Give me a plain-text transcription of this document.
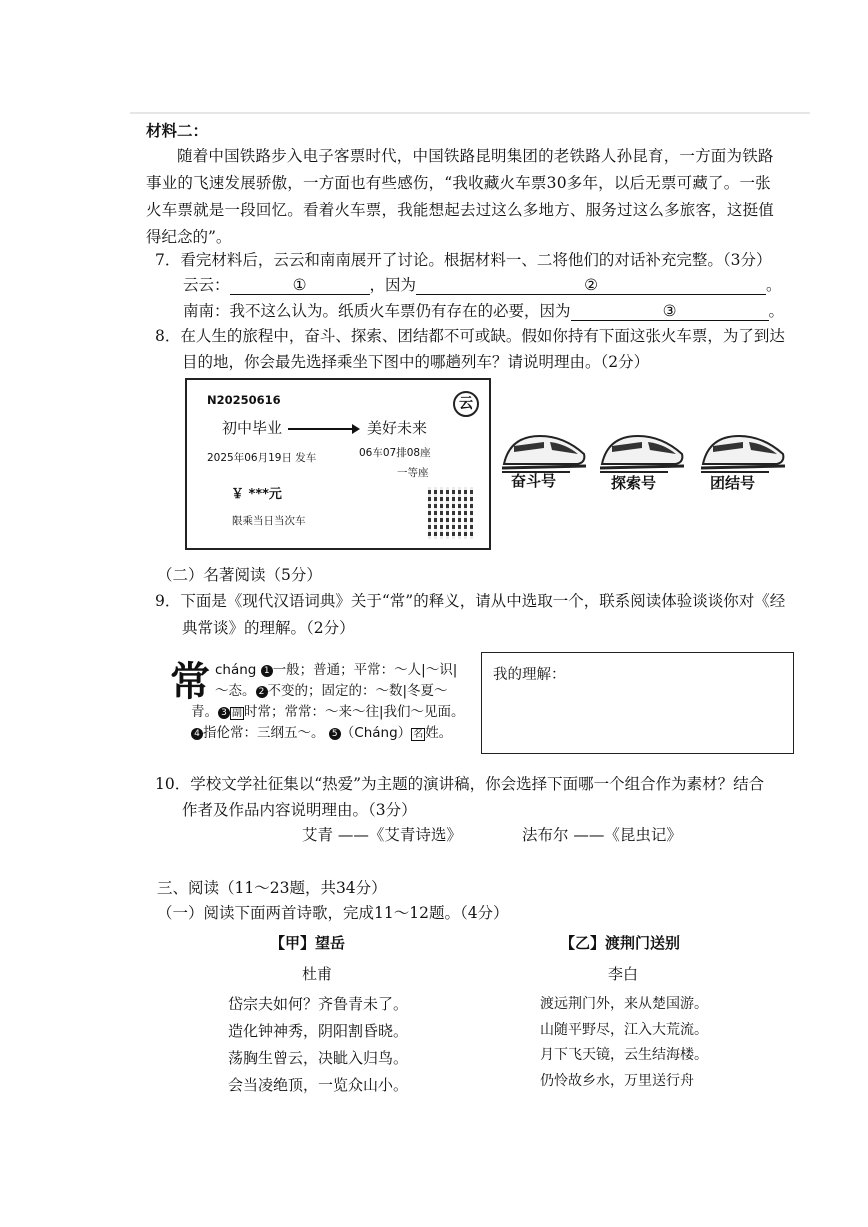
材料二：
随着中国铁路步入电子客票时代，中国铁路昆明集团的老铁路人孙昆育，一方面为铁路
事业的飞速发展骄傲，一方面也有些感伤，“我收藏火车票30多年，以后无票可藏了。一张
火车票就是一段回忆。看着火车票，我能想起去过这么多地方、服务过这么多旅客，这挺值
得纪念的”。
7．看完材料后，云云和南南展开了讨论。根据材料一、二将他们的对话补充完整。（3分）
云云：	①	，因为	②	。
南南：我不这么认为。纸质火车票仍有存在的必要，因为	③	。
8．在人生的旅程中，奋斗、探索、团结都不可或缺。假如你持有下面这张火车票，为了到达
目的地，你会最先选择乘坐下图中的哪趟列车？请说明理由。（2分）
N20250616	云
初中毕业	美好未来
2025年06月19日 发车	06车07排08座
一等座
￥ ***元
限乘当日当次车
奋斗号	探索号	团结号
（二）名著阅读（5分）
9．下面是《现代汉语词典》关于“常”的释义，请从中选取一个，联系阅读体验谈谈你对《经
典常谈》的理解。（2分）
常 cháng 1 一般；普通；平常：～人|～识|
～态。 2 不变的；固定的：～数|冬夏～
青。 3 副 时常；常常：～来～往|我们～见面。
4 指伦常：三纲五～。 5 （Cháng） 名 姓。
我的理解：
10．学校文学社征集以“热爱”为主题的演讲稿，你会选择下面哪一个组合作为素材？结合
作者及作品内容说明理由。（3分）
艾青 ——《艾青诗选》	法布尔 ——《昆虫记》
三、阅读（11～23题，共34分）
（一）阅读下面两首诗歌，完成11～12题。（4分）
【甲】望岳
杜甫
岱宗夫如何？齐鲁青未了。
造化钟神秀，阴阳割昏晓。
荡胸生曾云，决眦入归鸟。
会当凌绝顶，一览众山小。
【乙】渡荆门送别
李白
渡远荆门外，来从楚国游。
山随平野尽，江入大荒流。
月下飞天镜，云生结海楼。
仍怜故乡水，万里送行舟
